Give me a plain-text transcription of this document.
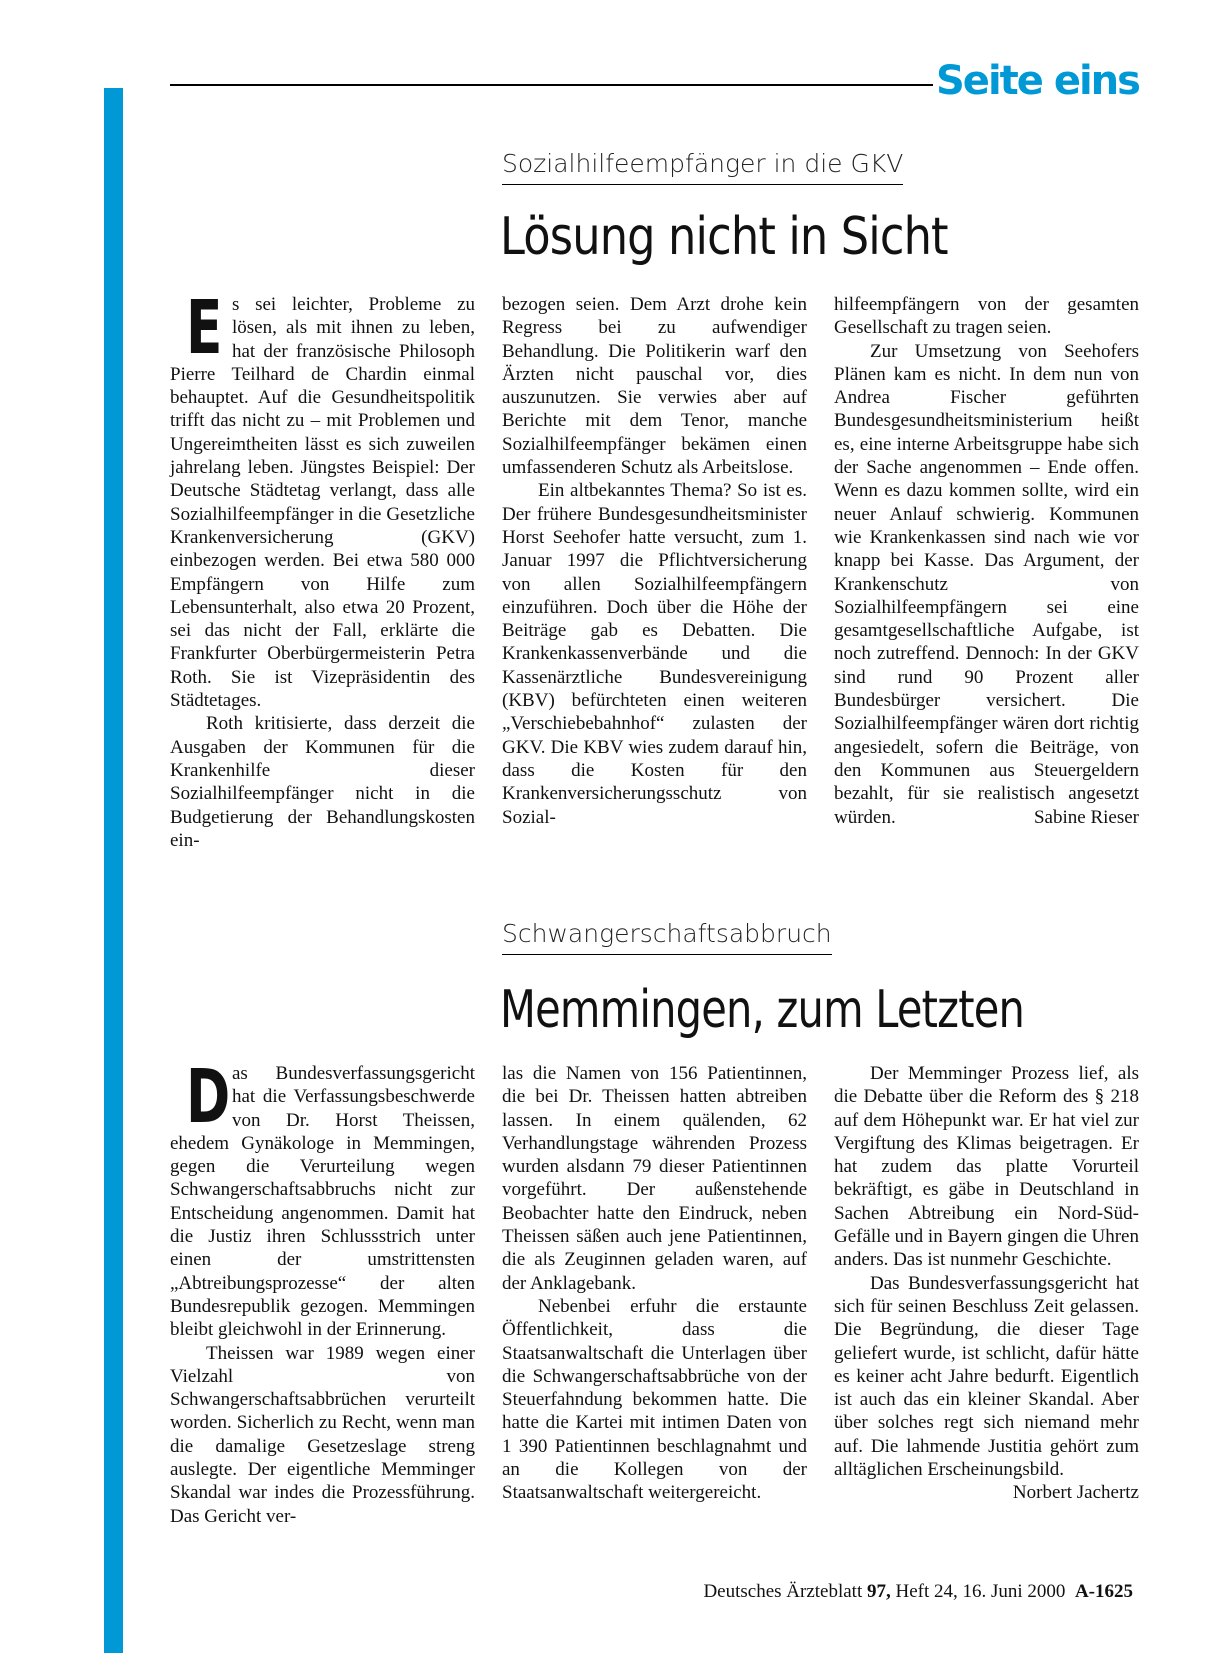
Seite eins
Sozialhilfeempfänger in die GKV
Lösung nicht in Sicht
E s sei leichter, Probleme zu lösen, als mit ihnen zu leben, hat der französische Philosoph Pierre Teilhard de Chardin einmal behauptet. Auf die Gesundheitspolitik trifft das nicht zu – mit Problemen und Ungereimtheiten lässt es sich zuweilen jahrelang leben. Jüngstes Beispiel: Der Deutsche Städtetag verlangt, dass alle Sozialhilfeempfänger in die Gesetzliche Krankenversicherung (GKV) einbezogen werden. Bei etwa 580 000 Empfängern von Hilfe zum Lebensunterhalt, also etwa 20 Prozent, sei das nicht der Fall, erklärte die Frankfurter Oberbürgermeisterin Petra Roth. Sie ist Vizepräsidentin des Städtetages.

Roth kritisierte, dass derzeit die Ausgaben der Kommunen für die Krankenhilfe dieser Sozialhilfeempfänger nicht in die Budgetierung der Behandlungskosten ein-

bezogen seien. Dem Arzt drohe kein Regress bei zu aufwendiger Behandlung. Die Politikerin warf den Ärzten nicht pauschal vor, dies auszunutzen. Sie verwies aber auf Berichte mit dem Tenor, manche Sozialhilfeempfänger bekämen einen umfassenderen Schutz als Arbeitslose.

Ein altbekanntes Thema? So ist es. Der frühere Bundesgesundheitsminister Horst Seehofer hatte versucht, zum 1. Januar 1997 die Pflichtversicherung von allen Sozialhilfeempfängern einzuführen. Doch über die Höhe der Beiträge gab es Debatten. Die Krankenkassenverbände und die Kassenärztliche Bundesvereinigung (KBV) befürchteten einen weiteren „Verschiebebahnhof“ zulasten der GKV. Die KBV wies zudem darauf hin, dass die Kosten für den Krankenversicherungsschutz von Sozial-

hilfeempfängern von der gesamten Gesellschaft zu tragen seien.

Zur Umsetzung von Seehofers Plänen kam es nicht. In dem nun von Andrea Fischer geführten Bundesgesundheitsministerium heißt es, eine interne Arbeitsgruppe habe sich der Sache angenommen – Ende offen. Wenn es dazu kommen sollte, wird ein neuer Anlauf schwierig. Kommunen wie Krankenkassen sind nach wie vor knapp bei Kasse. Das Argument, der Krankenschutz von Sozialhilfeempfängern sei eine gesamtgesellschaftliche Aufgabe, ist noch zutreffend. Dennoch: In der GKV sind rund 90 Prozent aller Bundesbürger versichert. Die Sozialhilfeempfänger wären dort richtig angesiedelt, sofern die Beiträge, von den Kommunen aus Steuergeldern bezahlt, für sie realistisch angesetzt würden.	Sabine Rieser

Schwangerschaftsabbruch
Memmingen, zum Letzten
D as Bundesverfassungsgericht hat die Verfassungsbeschwerde von Dr. Horst Theissen, ehedem Gynäkologe in Memmingen, gegen die Verurteilung wegen Schwangerschaftsabbruchs nicht zur Entscheidung angenommen. Damit hat die Justiz ihren Schlussstrich unter einen der umstrittensten „Abtreibungsprozesse“ der alten Bundesrepublik gezogen. Memmingen bleibt gleichwohl in der Erinnerung.

Theissen war 1989 wegen einer Vielzahl von Schwangerschaftsabbrüchen verurteilt worden. Sicherlich zu Recht, wenn man die damalige Gesetzeslage streng auslegte. Der eigentliche Memminger Skandal war indes die Prozessführung. Das Gericht ver-

las die Namen von 156 Patientinnen, die bei Dr. Theissen hatten abtreiben lassen. In einem quälenden, 62 Verhandlungstage währenden Prozess wurden alsdann 79 dieser Patientinnen vorgeführt. Der außenstehende Beobachter hatte den Eindruck, neben Theissen säßen auch jene Patientinnen, die als Zeuginnen geladen waren, auf der Anklagebank.

Nebenbei erfuhr die erstaunte Öffentlichkeit, dass die Staatsanwaltschaft die Unterlagen über die Schwangerschaftsabbrüche von der Steuerfahndung bekommen hatte. Die hatte die Kartei mit intimen Daten von 1 390 Patientinnen beschlagnahmt und an die Kollegen von der Staatsanwaltschaft weitergereicht.

Der Memminger Prozess lief, als die Debatte über die Reform des § 218 auf dem Höhepunkt war. Er hat viel zur Vergiftung des Klimas beigetragen. Er hat zudem das platte Vorurteil bekräftigt, es gäbe in Deutschland in Sachen Abtreibung ein Nord-Süd-Gefälle und in Bayern gingen die Uhren anders. Das ist nunmehr Geschichte.

Das Bundesverfassungsgericht hat sich für seinen Beschluss Zeit gelassen. Die Begründung, die dieser Tage geliefert wurde, ist schlicht, dafür hätte es keiner acht Jahre bedurft. Eigentlich ist auch das ein kleiner Skandal. Aber über solches regt sich niemand mehr auf. Die lahmende Justitia gehört zum alltäglichen Erscheinungsbild.
Norbert Jachertz

Deutsches Ärzteblatt 97, Heft 24, 16. Juni 2000 A-1625
